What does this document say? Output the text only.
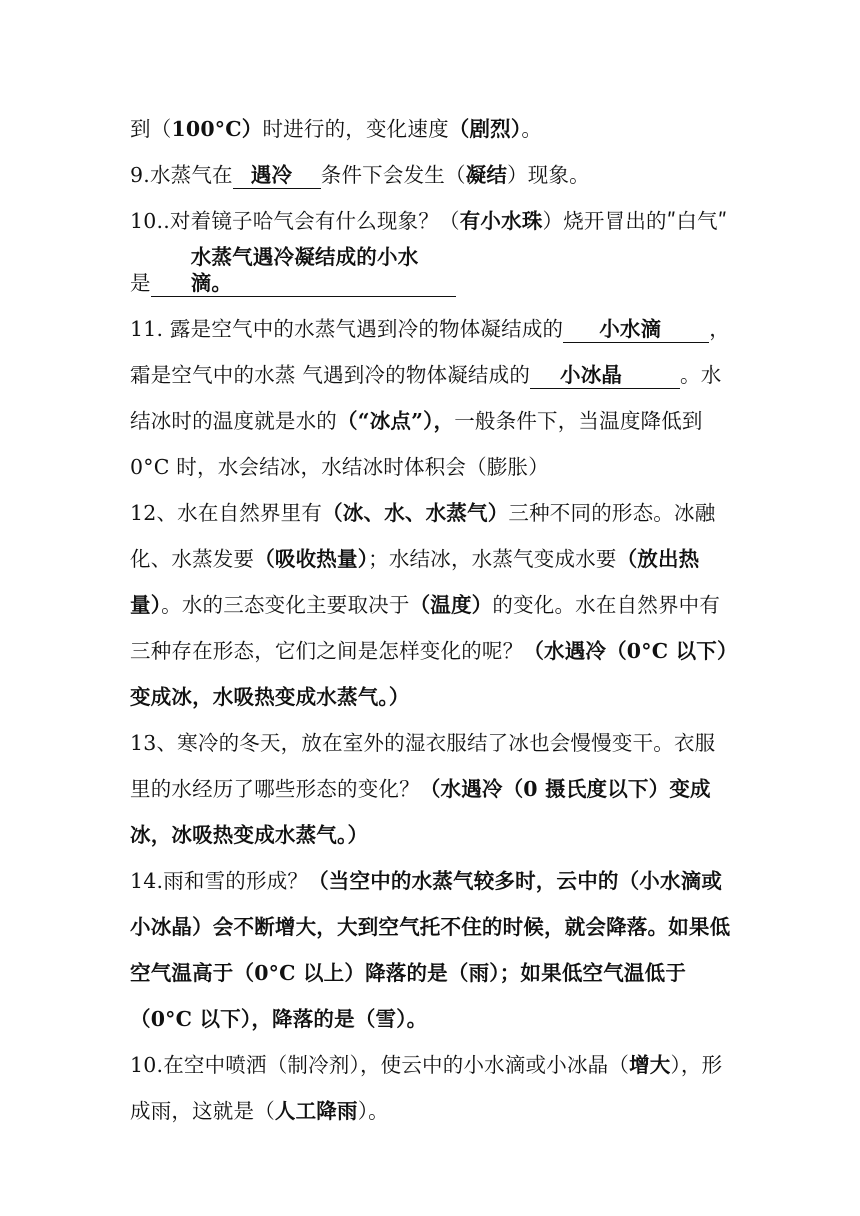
到（100°C）时进行的，变化速度（剧烈）。

9.水蒸气在 遇冷 条件下会发生（凝结）现象。

10..对着镜子哈气会有什么现象？（有小水珠）烧开冒出的ʺ白气ʺ
是水蒸气遇冷凝结成的小水滴。

11. 露是空气中的水蒸气遇到冷的物体凝结成的 小水滴 ，霜是空气中的水蒸 气遇到冷的物体凝结成的 小冰晶	。水结冰时的温度就是水的（“冰点”），一般条件下，当温度降低到 0°C 时，水会结冰，水结冰时体积会（膨胀）

12、水在自然界里有（冰、水、水蒸气）三种不同的形态。冰融化、水蒸发要（吸收热量）；水结冰，水蒸气变成水要（放出热量）。水的三态变化主要取决于（温度）的变化。水在自然界中有三种存在形态，它们之间是怎样变化的呢？（水遇冷（0°C 以下）变成冰，水吸热变成水蒸气。）

13、寒冷的冬天，放在室外的湿衣服结了冰也会慢慢变干。衣服里的水经历了哪些形态的变化？（水遇冷（0 摄氏度以下）变成冰，冰吸热变成水蒸气。）

14.雨和雪的形成？（当空中的水蒸气较多时，云中的（小水滴或小冰晶）会不断增大，大到空气托不住的时候，就会降落。如果低空气温高于（0°C 以上）降落的是（雨）；如果低空气温低于（0°C 以下），降落的是（雪）。

10.在空中喷洒（制冷剂），使云中的小水滴或小冰晶（增大），形成雨，这就是（人工降雨）。
